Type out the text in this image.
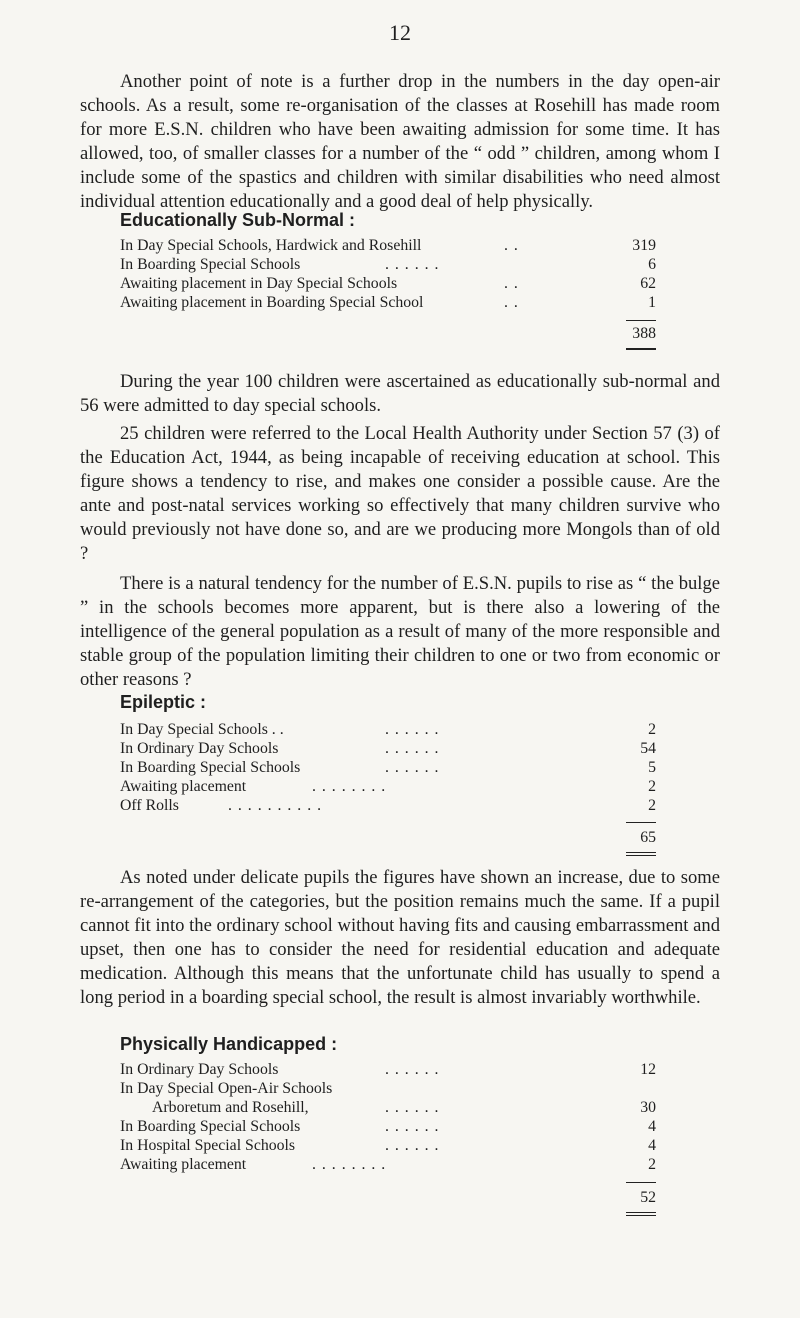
12

Another point of note is a further drop in the numbers in the day open-air schools. As a result, some re-organisation of the classes at Rosehill has made room for more E.S.N. children who have been awaiting admission for some time. It has allowed, too, of smaller classes for a number of the “ odd ” children, among whom I include some of the spastics and children with similar disabilities who need almost individual attention educationally and a good deal of help physically.

Educationally Sub-Normal :
In Day Special Schools, Hardwick and Rosehill	. .	319
In Boarding Special Schools	. . . . . .	6
Awaiting placement in Day Special Schools	. .	62
Awaiting placement in Boarding Special School	. .	1
388

During the year 100 children were ascertained as educationally sub-normal and 56 were admitted to day special schools.

25 children were referred to the Local Health Authority under Section 57 (3) of the Education Act, 1944, as being incapable of receiving education at school. This figure shows a tendency to rise, and makes one consider a possible cause. Are the ante and post-natal services working so effectively that many children survive who would previously not have done so, and are we producing more Mongols than of old ?

There is a natural tendency for the number of E.S.N. pupils to rise as “ the bulge ” in the schools becomes more apparent, but is there also a lowering of the intelligence of the general population as a result of many of the more responsible and stable group of the population limiting their children to one or two from economic or other reasons ?

Epileptic :
In Day Special Schools . .	. . . . . .	2
In Ordinary Day Schools	. . . . . .	54
In Boarding Special Schools	. . . . . .	5
Awaiting placement	. . . . . . . .	2
Off Rolls	. . . . . . . . . .	2
65

As noted under delicate pupils the figures have shown an increase, due to some re-arrangement of the categories, but the position remains much the same. If a pupil cannot fit into the ordinary school without having fits and causing embarrassment and upset, then one has to consider the need for residential education and adequate medication. Although this means that the unfortunate child has usually to spend a long period in a boarding special school, the result is almost invariably worthwhile.

Physically Handicapped :
In Ordinary Day Schools	. . . . . .	12
In Day Special Open-Air Schools
Arboretum and Rosehill,	. . . . . .	30
In Boarding Special Schools	. . . . . .	4
In Hospital Special Schools	. . . . . .	4
Awaiting placement	. . . . . . . .	2
52
